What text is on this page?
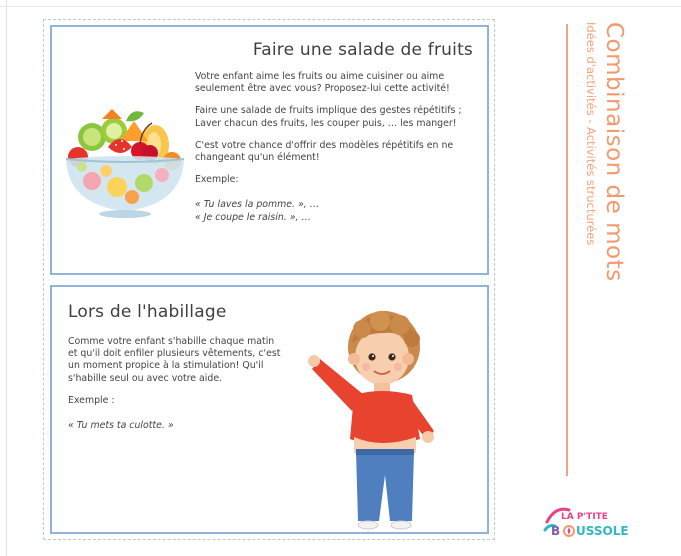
Faire une salade de fruits

Votre enfant aime les fruits ou aime cuisiner ou aime seulement être avec vous? Proposez-lui cette activité!

Faire une salade de fruits implique des gestes répétitifs ; Laver chacun des fruits, les couper puis, … les manger!

C'est votre chance d'offrir des modèles répétitifs en ne changeant qu'un élément!

Exemple:

« Tu laves la pomme. », …

« Je coupe le raisin. », …

Lors de l'habillage

Comme votre enfant s'habille chaque matin et qu'il doit enfiler plusieurs vêtements, c'est un moment propice à la stimulation! Qu'il s'habille seul ou avec votre aide.

Exemple :

« Tu mets ta culotte. »

Combinaison de mots
Idées d'activités - Activités structurées
LA P'TITE
B USSOLE
